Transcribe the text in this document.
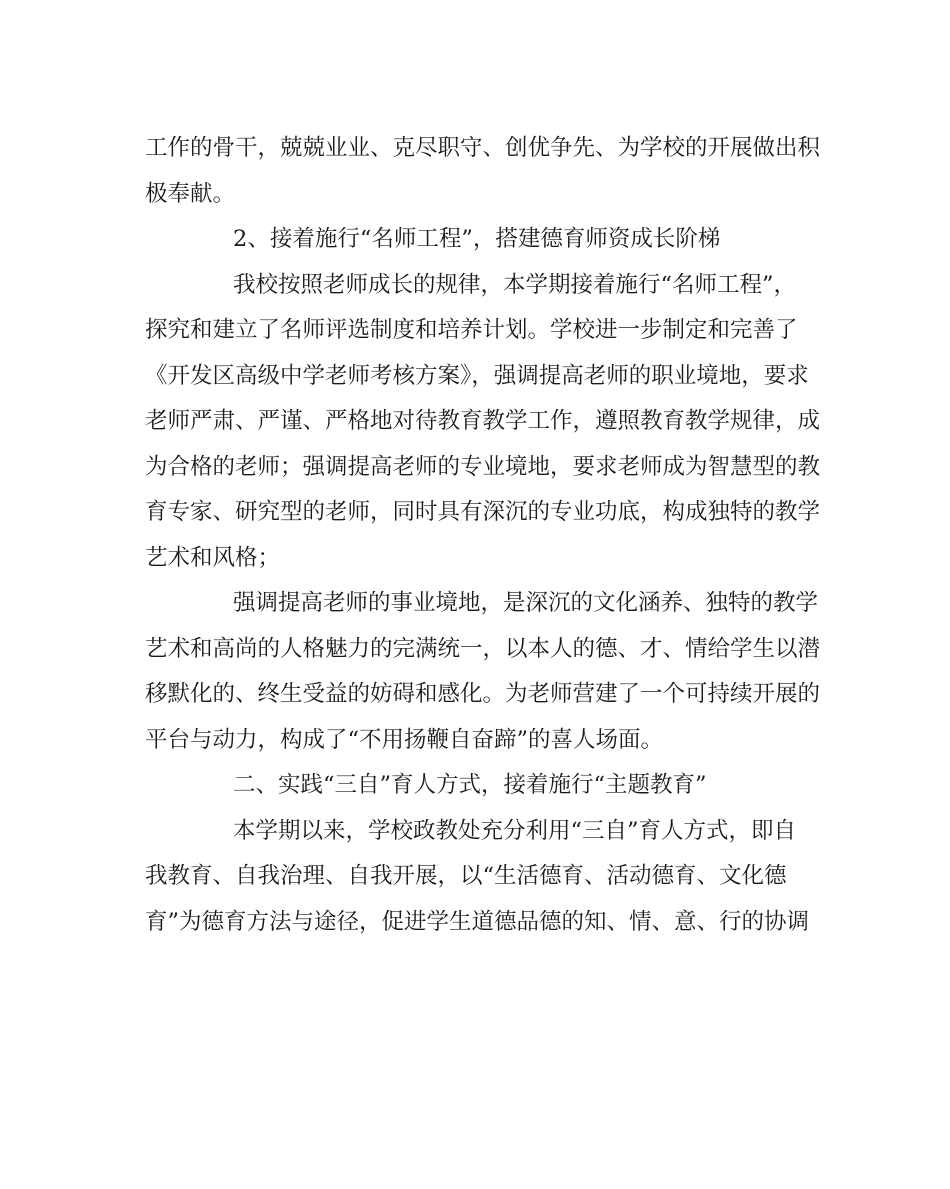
工作的骨干，兢兢业业、克尽职守、创优争先、为学校的开展做出积
极奉献。
2、接着施行“名师工程”，搭建德育师资成长阶梯
我校按照老师成长的规律，本学期接着施行“名师工程”，
探究和建立了名师评选制度和培养计划。学校进一步制定和完善了
《开发区高级中学老师考核方案》，强调提高老师的职业境地，要求
老师严肃、严谨、严格地对待教育教学工作，遵照教育教学规律，成
为合格的老师；强调提高老师的专业境地，要求老师成为智慧型的教
育专家、研究型的老师，同时具有深沉的专业功底，构成独特的教学
艺术和风格；
强调提高老师的事业境地，是深沉的文化涵养、独特的教学
艺术和高尚的人格魅力的完满统一，以本人的德、才、情给学生以潜
移默化的、终生受益的妨碍和感化。为老师营建了一个可持续开展的
平台与动力，构成了“不用扬鞭自奋蹄”的喜人场面。
二、实践“三自”育人方式，接着施行“主题教育”
本学期以来，学校政教处充分利用“三自”育人方式，即自
我教育、自我治理、自我开展，以“生活德育、活动德育、文化德
育”为德育方法与途径，促进学生道德品德的知、情、意、行的协调
